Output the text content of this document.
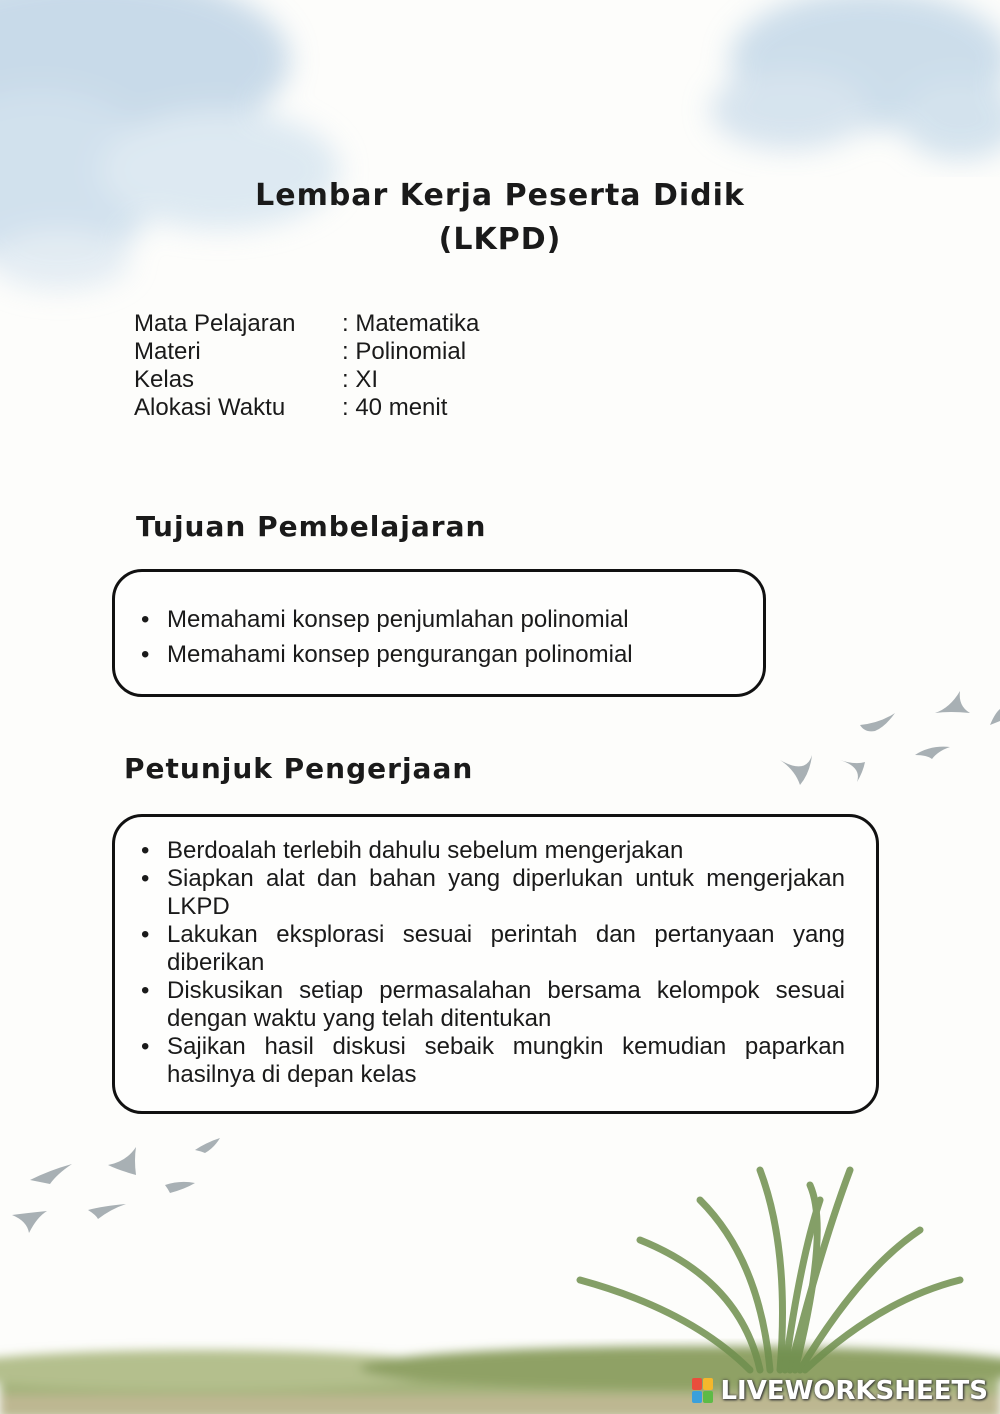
Lembar Kerja Peserta Didik
(LKPD)
Mata Pelajaran	: Matematika
Materi	: Polinomial
Kelas	: XI
Alokasi Waktu	: 40 menit
Tujuan Pembelajaran
• Memahami konsep penjumlahan polinomial
• Memahami konsep pengurangan polinomial
Petunjuk Pengerjaan
• Berdoalah terlebih dahulu sebelum mengerjakan
• Siapkan alat dan bahan yang diperlukan untuk mengerjakan LKPD
• Lakukan eksplorasi sesuai perintah dan pertanyaan yang diberikan
• Diskusikan setiap permasalahan bersama kelompok sesuai dengan waktu yang telah ditentukan
• Sajikan hasil diskusi sebaik mungkin kemudian paparkan hasilnya di depan kelas
LIVEWORKSHEETS
